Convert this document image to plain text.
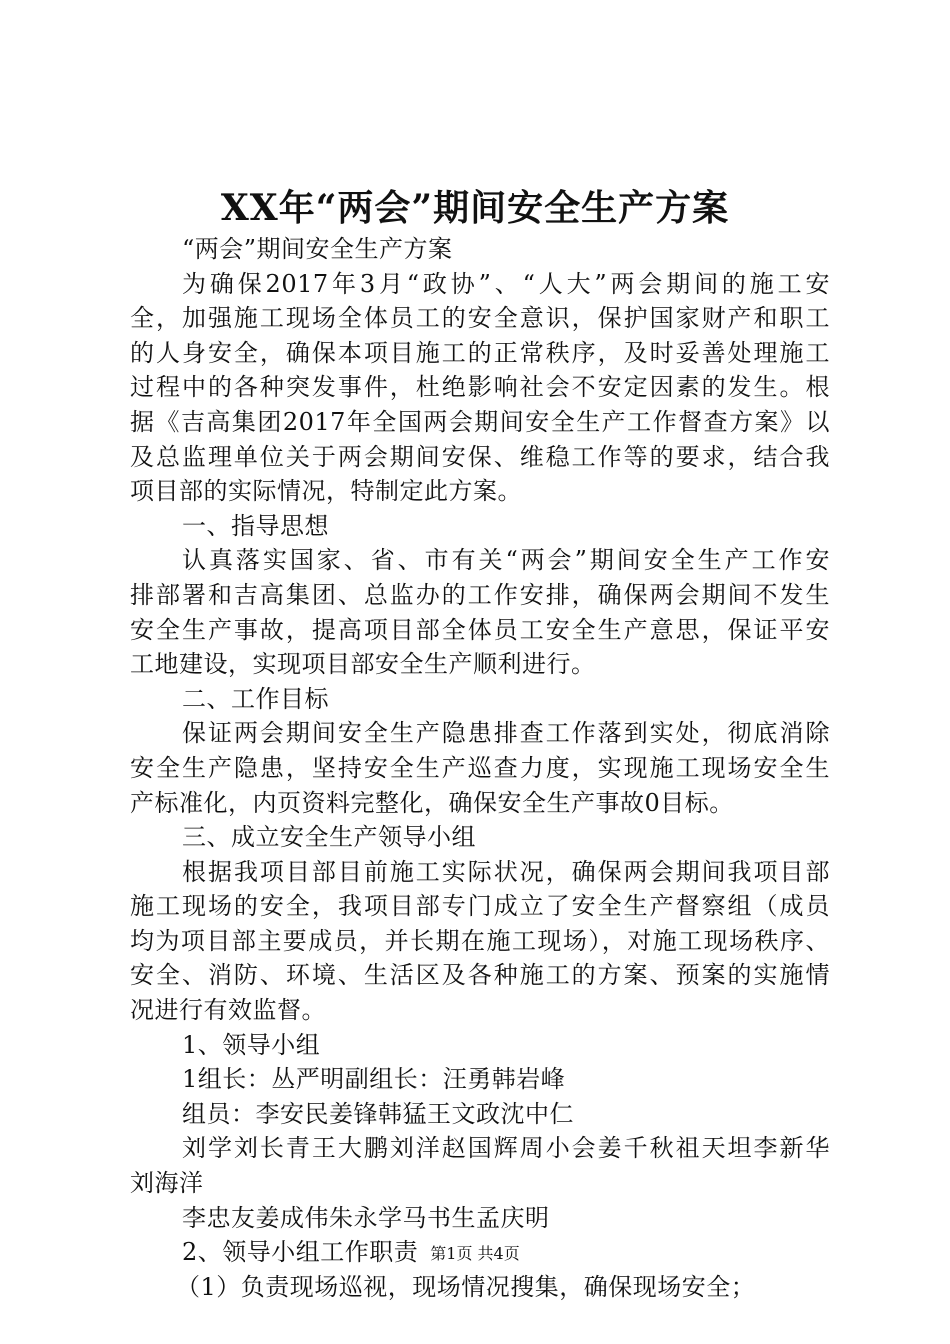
XX年“两会”期间安全生产方案
“两会”期间安全生产方案
为确保2017年3月“政协”、“人大”两会期间的施工安
全，加强施工现场全体员工的安全意识，保护国家财产和职工
的人身安全，确保本项目施工的正常秩序，及时妥善处理施工
过程中的各种突发事件，杜绝影响社会不安定因素的发生。根
据《吉高集团2017年全国两会期间安全生产工作督查方案》以
及总监理单位关于两会期间安保、维稳工作等的要求，结合我
项目部的实际情况，特制定此方案。
一、指导思想
认真落实国家、省、市有关“两会”期间安全生产工作安
排部署和吉高集团、总监办的工作安排，确保两会期间不发生
安全生产事故，提高项目部全体员工安全生产意思，保证平安
工地建设，实现项目部安全生产顺利进行。
二、工作目标
保证两会期间安全生产隐患排查工作落到实处，彻底消除
安全生产隐患，坚持安全生产巡查力度，实现施工现场安全生
产标准化，内页资料完整化，确保安全生产事故0目标。
三、成立安全生产领导小组
根据我项目部目前施工实际状况，确保两会期间我项目部
施工现场的安全，我项目部专门成立了安全生产督察组（成员
均为项目部主要成员，并长期在施工现场），对施工现场秩序、
安全、消防、环境、生活区及各种施工的方案、预案的实施情
况进行有效监督。
1、领导小组
1组长：丛严明副组长：汪勇韩岩峰
组员：李安民姜锋韩猛王文政沈中仁
刘学刘长青王大鹏刘洋赵国辉周小会姜千秋祖天坦李新华
刘海洋
李忠友姜成伟朱永学马书生孟庆明
2、领导小组工作职责
（1）负责现场巡视，现场情况搜集，确保现场安全；
第1页 共4页
